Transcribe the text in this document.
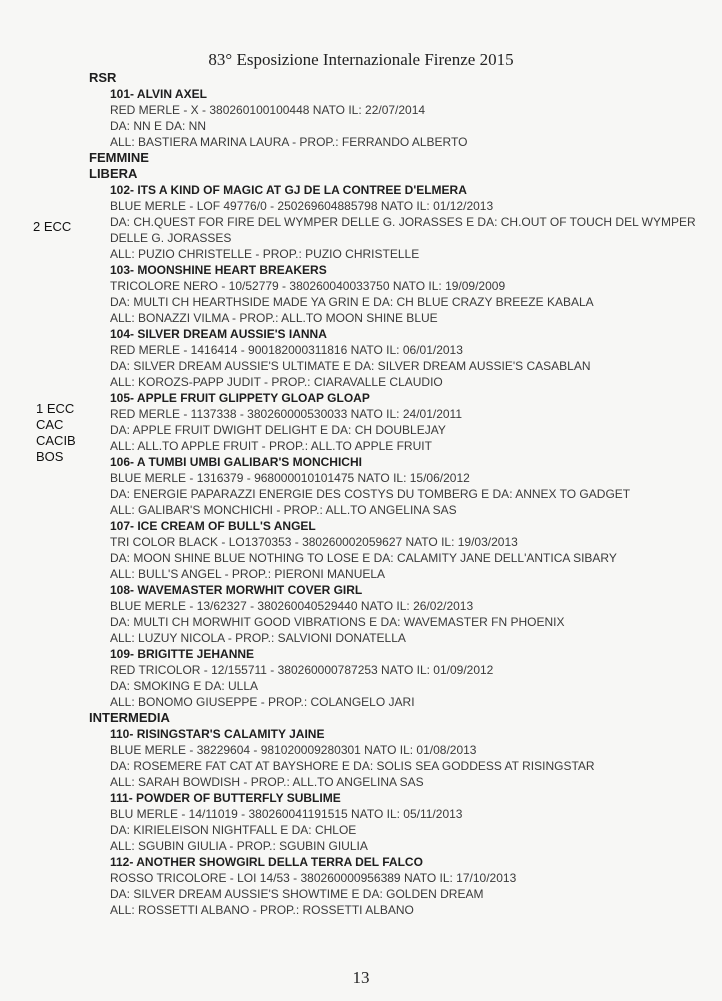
83° Esposizione Internazionale Firenze 2015
2 ECC
1 ECC
CAC
CACIB
BOS
RSR
101- ALVIN AXEL
RED MERLE - X - 380260100100448 NATO IL: 22/07/2014
DA: NN E DA: NN
ALL: BASTIERA MARINA LAURA - PROP.: FERRANDO ALBERTO
FEMMINE
LIBERA
102- ITS A KIND OF MAGIC AT GJ DE LA CONTREE D'ELMERA
BLUE MERLE - LOF 49776/0 - 250269604885798 NATO IL: 01/12/2013
DA: CH.QUEST FOR FIRE DEL WYMPER DELLE G. JORASSES E DA: CH.OUT OF TOUCH DEL WYMPER DELLE G. JORASSES
ALL: PUZIO CHRISTELLE - PROP.: PUZIO CHRISTELLE
103- MOONSHINE HEART BREAKERS
TRICOLORE NERO - 10/52779 - 380260040033750 NATO IL: 19/09/2009
DA: MULTI CH HEARTHSIDE MADE YA GRIN E DA: CH BLUE CRAZY BREEZE KABALA
ALL: BONAZZI VILMA - PROP.: ALL.TO MOON SHINE BLUE
104- SILVER DREAM AUSSIE'S IANNA
RED MERLE - 1416414 - 900182000311816 NATO IL: 06/01/2013
DA: SILVER DREAM AUSSIE'S ULTIMATE E DA: SILVER DREAM AUSSIE'S CASABLAN
ALL: KOROZS-PAPP JUDIT - PROP.: CIARAVALLE CLAUDIO
105- APPLE FRUIT GLIPPETY GLOAP GLOAP
RED MERLE - 1137338 - 380260000530033 NATO IL: 24/01/2011
DA: APPLE FRUIT DWIGHT DELIGHT E DA: CH DOUBLEJAY
ALL: ALL.TO APPLE FRUIT - PROP.: ALL.TO APPLE FRUIT
106- A TUMBI UMBI GALIBAR'S MONCHICHI
BLUE MERLE - 1316379 - 968000010101475 NATO IL: 15/06/2012
DA: ENERGIE PAPARAZZI ENERGIE DES COSTYS DU TOMBERG E DA: ANNEX TO GADGET
ALL: GALIBAR'S MONCHICHI - PROP.: ALL.TO ANGELINA SAS
107- ICE CREAM OF BULL'S ANGEL
TRI COLOR BLACK - LO1370353 - 380260002059627 NATO IL: 19/03/2013
DA: MOON SHINE BLUE NOTHING TO LOSE E DA: CALAMITY JANE DELL'ANTICA SIBARY
ALL: BULL'S ANGEL - PROP.: PIERONI MANUELA
108- WAVEMASTER MORWHIT COVER GIRL
BLUE MERLE - 13/62327 - 380260040529440 NATO IL: 26/02/2013
DA: MULTI CH MORWHIT GOOD VIBRATIONS E DA: WAVEMASTER FN PHOENIX
ALL: LUZUY NICOLA - PROP.: SALVIONI DONATELLA
109- BRIGITTE JEHANNE
RED TRICOLOR - 12/155711 - 380260000787253 NATO IL: 01/09/2012
DA: SMOKING E DA: ULLA
ALL: BONOMO GIUSEPPE - PROP.: COLANGELO JARI
INTERMEDIA
110- RISINGSTAR'S CALAMITY JAINE
BLUE MERLE - 38229604 - 981020009280301 NATO IL: 01/08/2013
DA: ROSEMERE FAT CAT AT BAYSHORE E DA: SOLIS SEA GODDESS AT RISINGSTAR
ALL: SARAH BOWDISH - PROP.: ALL.TO ANGELINA SAS
111- POWDER OF BUTTERFLY SUBLIME
BLU MERLE - 14/11019 - 380260041191515 NATO IL: 05/11/2013
DA: KIRIELEISON NIGHTFALL E DA: CHLOE
ALL: SGUBIN GIULIA - PROP.: SGUBIN GIULIA
112- ANOTHER SHOWGIRL DELLA TERRA DEL FALCO
ROSSO TRICOLORE - LOI 14/53 - 380260000956389 NATO IL: 17/10/2013
DA: SILVER DREAM AUSSIE'S SHOWTIME E DA: GOLDEN DREAM
ALL: ROSSETTI ALBANO - PROP.: ROSSETTI ALBANO
13
